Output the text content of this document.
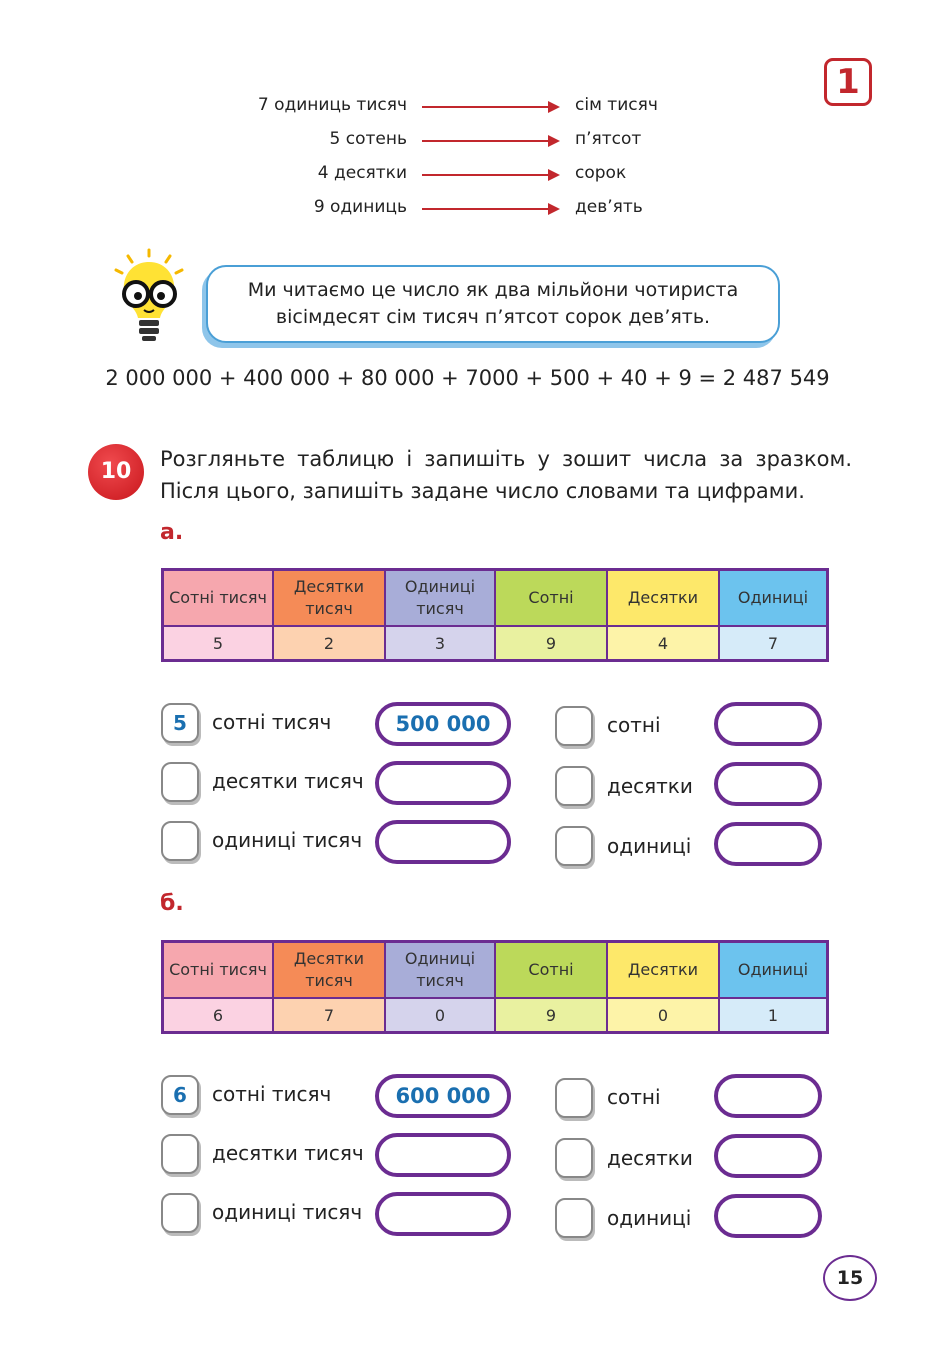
1
7 одиниць тисяч	сім тисяч
5 сотень	п’ятсот
4 десятки	сорок
9 одиниць	дев’ять
Ми читаємо це число як два мільйони чотириста
вісімдесят сім тисяч п’ятсот сорок дев’ять.
2 000 000 + 400 000 + 80 000 + 7000 + 500 + 40 + 9 = 2 487 549
10	Розгляньте таблицю і запишіть у зошит числа за зразком. Після цього, запишіть задане число словами та цифрами.
а.
Сотні тисяч	Десятки тисяч	Одиниці тисяч	Сотні	Десятки	Одиниці
5	2	3	9	4	7
5	сотні тисяч	500 000
десятки тисяч
одиниці тисяч
сотні
десятки
одиниці
б.
Сотні тисяч	Десятки тисяч	Одиниці тисяч	Сотні	Десятки	Одиниці
6	7	0	9	0	1
6	сотні тисяч	600 000
десятки тисяч
одиниці тисяч
сотні
десятки
одиниці
15
